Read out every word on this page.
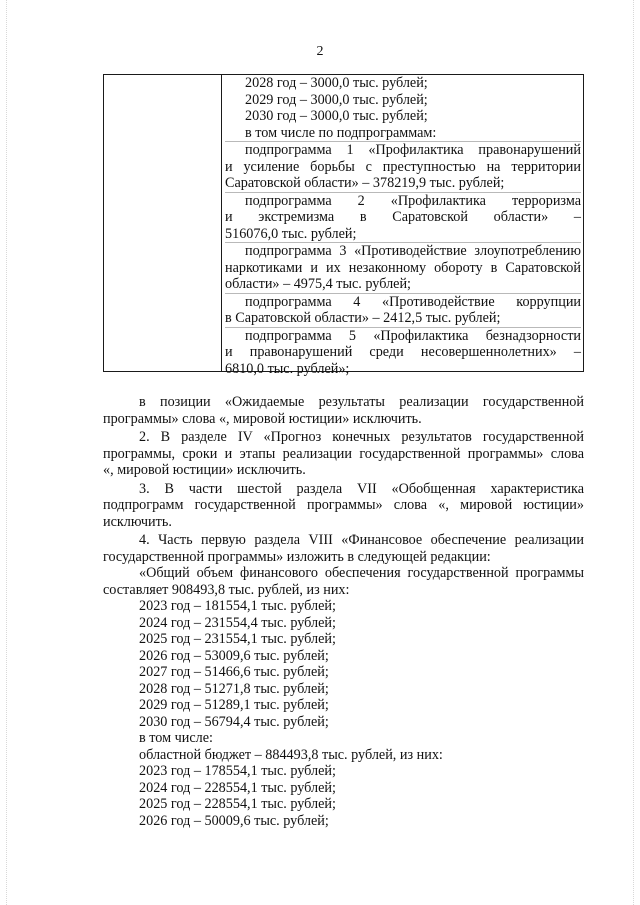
2
2028 год – 3000,0 тыс. рублей;
2029 год – 3000,0 тыс. рублей;
2030 год – 3000,0 тыс. рублей;
в том числе по подпрограммам:
подпрограмма 1 «Профилактика правонарушений
и усиление борьбы с преступностью на территории
Саратовской области» – 378219,9 тыс. рублей;
подпрограмма 2 «Профилактика терроризма
и экстремизма в Саратовской области» –
516076,0 тыс. рублей;
подпрограмма 3 «Противодействие злоупотреблению
наркотиками и их незаконному обороту в Саратовской
области» – 4975,4 тыс. рублей;
подпрограмма 4 «Противодействие коррупции
в Саратовской области» – 2412,5 тыс. рублей;
подпрограмма 5 «Профилактика безнадзорности
и правонарушений среди несовершеннолетних» –
6810,0 тыс. рублей»;
в позиции «Ожидаемые результаты реализации государственной
программы» слова «, мировой юстиции» исключить.
2. В разделе IV «Прогноз конечных результатов государственной
программы, сроки и этапы реализации государственной программы» слова
«, мировой юстиции» исключить.
3. В части шестой раздела VII «Обобщенная характеристика
подпрограмм государственной программы» слова «, мировой юстиции»
исключить.
4. Часть первую раздела VIII «Финансовое обеспечение реализации
государственной программы» изложить в следующей редакции:
«Общий объем финансового обеспечения государственной программы
составляет 908493,8 тыс. рублей, из них:
2023 год – 181554,1 тыс. рублей;
2024 год – 231554,4 тыс. рублей;
2025 год – 231554,1 тыс. рублей;
2026 год – 53009,6 тыс. рублей;
2027 год – 51466,6 тыс. рублей;
2028 год – 51271,8 тыс. рублей;
2029 год – 51289,1 тыс. рублей;
2030 год – 56794,4 тыс. рублей;
в том числе:
областной бюджет – 884493,8 тыс. рублей, из них:
2023 год – 178554,1 тыс. рублей;
2024 год – 228554,1 тыс. рублей;
2025 год – 228554,1 тыс. рублей;
2026 год – 50009,6 тыс. рублей;
